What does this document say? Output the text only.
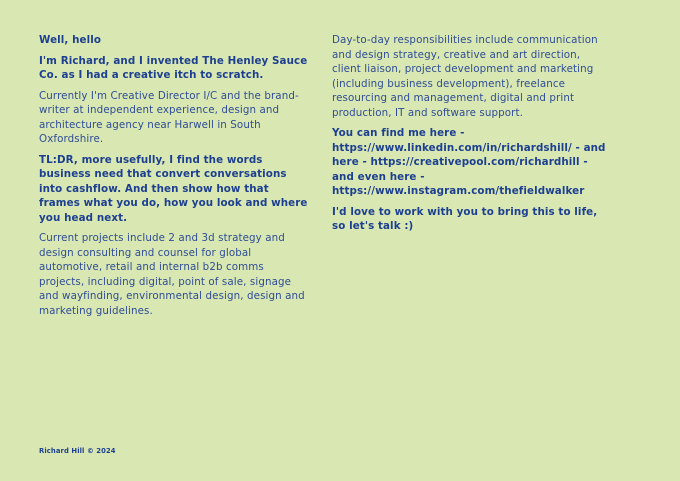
Well, hello

I'm Richard, and I invented The Henley Sauce Co. as I had a creative itch to scratch.

Currently I'm Creative Director I/C and the brand-writer at independent experience, design and architecture agency near Harwell in South Oxfordshire.

TL:DR, more usefully, I find the words business need that convert conversations into cashflow. And then show how that frames what you do, how you look and where you head next.

Current projects include 2 and 3d strategy and design consulting and counsel for global automotive, retail and internal b2b comms projects, including digital, point of sale, signage and wayfinding, environmental design, design and marketing guidelines.

Day-to-day responsibilities include communication and design strategy, creative and art direction, client liaison, project development and marketing (including business development), freelance resourcing and management, digital and print production, IT and software support.

You can find me here - https://www.linkedin.com/in/richardshill/ - and here - https://creativepool.com/richardhill - and even here - https://www.instagram.com/thefieldwalker

I'd love to work with you to bring this to life, so let's talk :)

Richard Hill © 2024
